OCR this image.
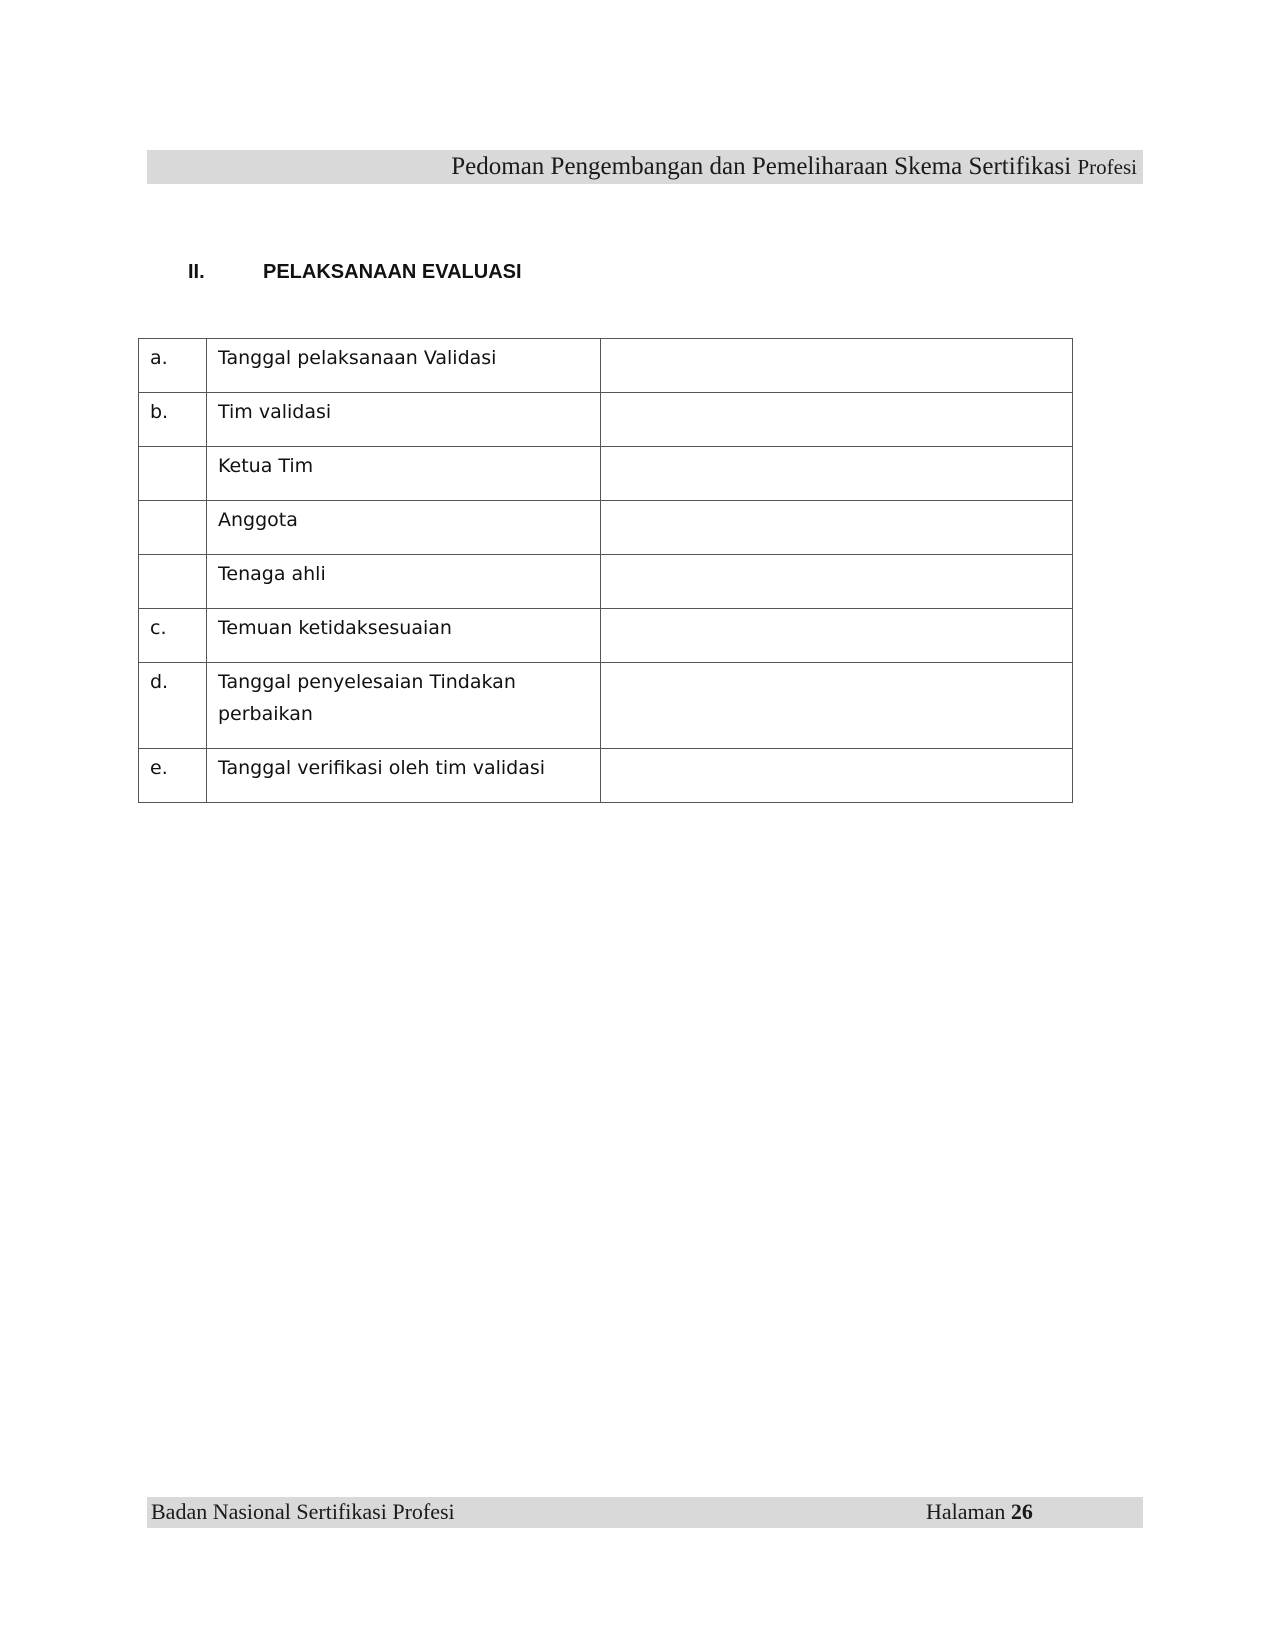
Pedoman Pengembangan dan Pemeliharaan Skema Sertifikasi Profesi
II.	PELAKSANAAN EVALUASI
a.	Tanggal pelaksanaan Validasi	
b.	Tim validasi	
	Ketua Tim	
	Anggota	
	Tenaga ahli	
c.	Temuan ketidaksesuaian	
d.	Tanggal penyelesaian Tindakan perbaikan	
e.	Tanggal verifikasi oleh tim validasi	
Badan Nasional Sertifikasi Profesi	Halaman 26
